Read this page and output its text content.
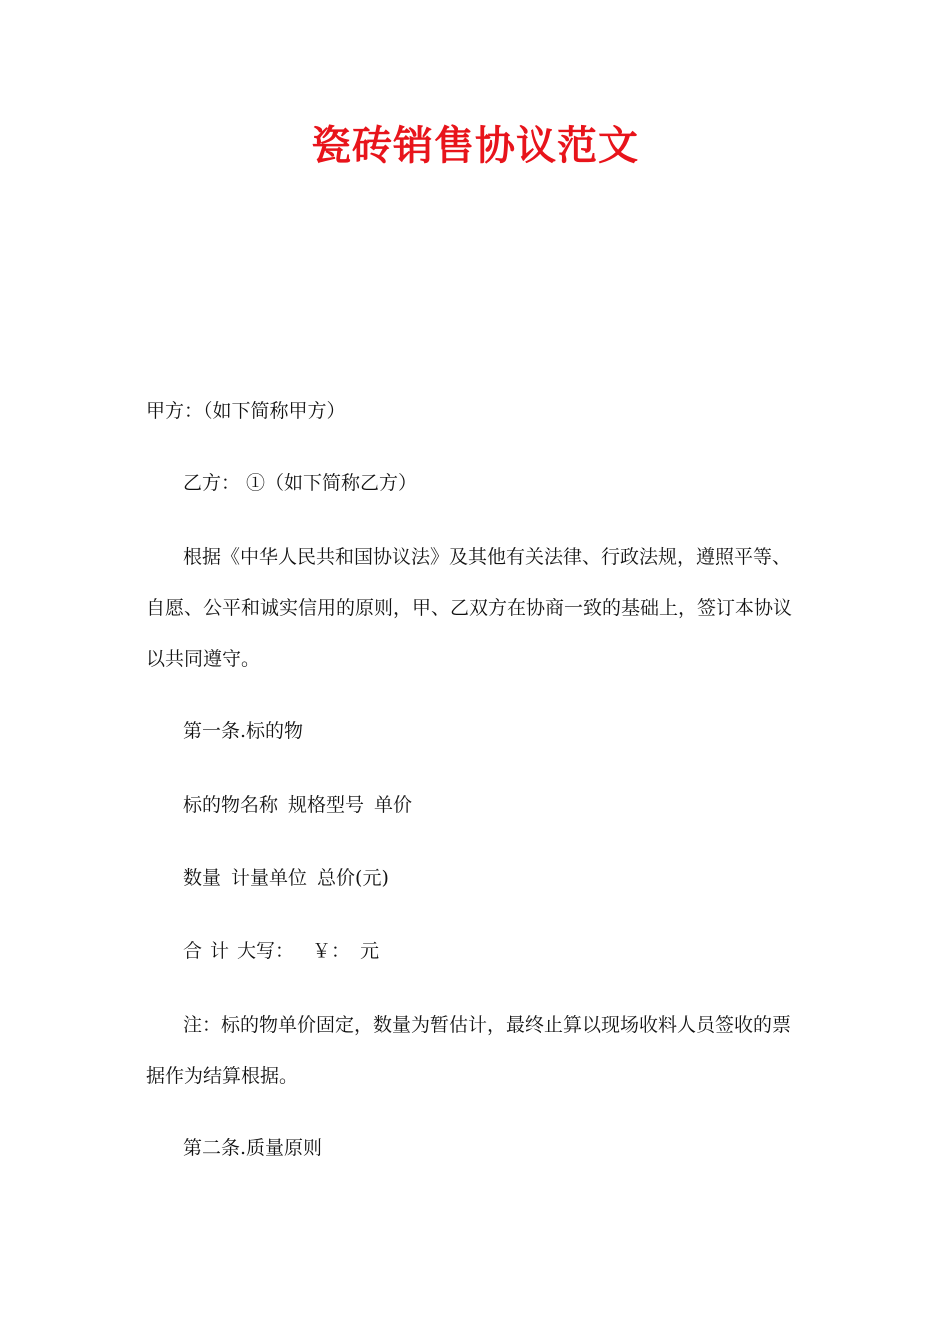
瓷砖销售协议范文
甲方：（如下简称甲方）
乙方： ①（如下简称乙方）
根据《中华人民共和国协议法》及其他有关法律、行政法规，遵照平等、
自愿、公平和诚实信用的原则，甲、乙双方在协商一致的基础上，签订本协议
以共同遵守。
第一条.标的物
标的物名称 规格型号 单价
数量 计量单位 总价(元)
合 计 大写： ￥： 元
注：标的物单价固定，数量为暂估计，最终止算以现场收料人员签收的票
据作为结算根据。
第二条.质量原则
